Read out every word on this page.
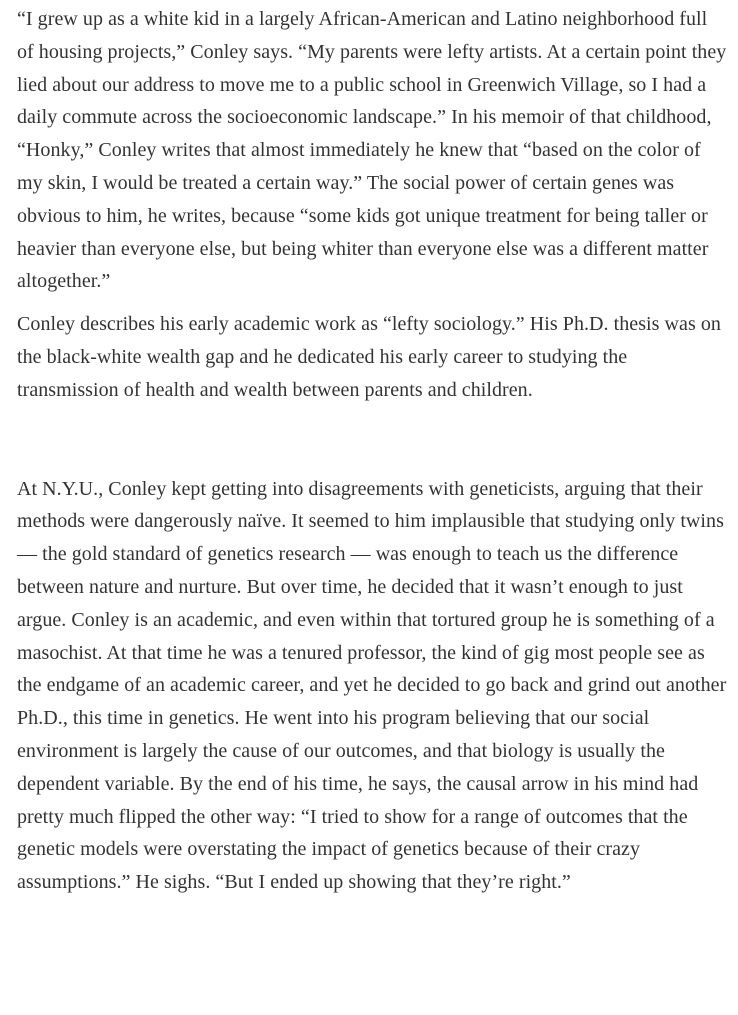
“I grew up as a white kid in a largely African-American and Latino neighborhood full of housing projects,” Conley says. “My parents were lefty artists. At a certain point they lied about our address to move me to a public school in Greenwich Village, so I had a daily commute across the socioeconomic landscape.” In his memoir of that childhood, “Honky,” Conley writes that almost immediately he knew that “based on the color of my skin, I would be treated a certain way.” The social power of certain genes was obvious to him, he writes, because “some kids got unique treatment for being taller or heavier than everyone else, but being whiter than everyone else was a different matter altogether.”

Conley describes his early academic work as “lefty sociology.” His Ph.D. thesis was on the black-white wealth gap and he dedicated his early career to studying the transmission of health and wealth between parents and children.

At N.Y.U., Conley kept getting into disagreements with geneticists, arguing that their methods were dangerously naïve. It seemed to him implausible that studying only twins — the gold standard of genetics research — was enough to teach us the difference between nature and nurture. But over time, he decided that it wasn’t enough to just argue. Conley is an academic, and even within that tortured group he is something of a masochist. At that time he was a tenured professor, the kind of gig most people see as the endgame of an academic career, and yet he decided to go back and grind out another Ph.D., this time in genetics. He went into his program believing that our social environment is largely the cause of our outcomes, and that biology is usually the dependent variable. By the end of his time, he says, the causal arrow in his mind had pretty much flipped the other way: “I tried to show for a range of outcomes that the genetic models were overstating the impact of genetics because of their crazy assumptions.” He sighs. “But I ended up showing that they’re right.”
